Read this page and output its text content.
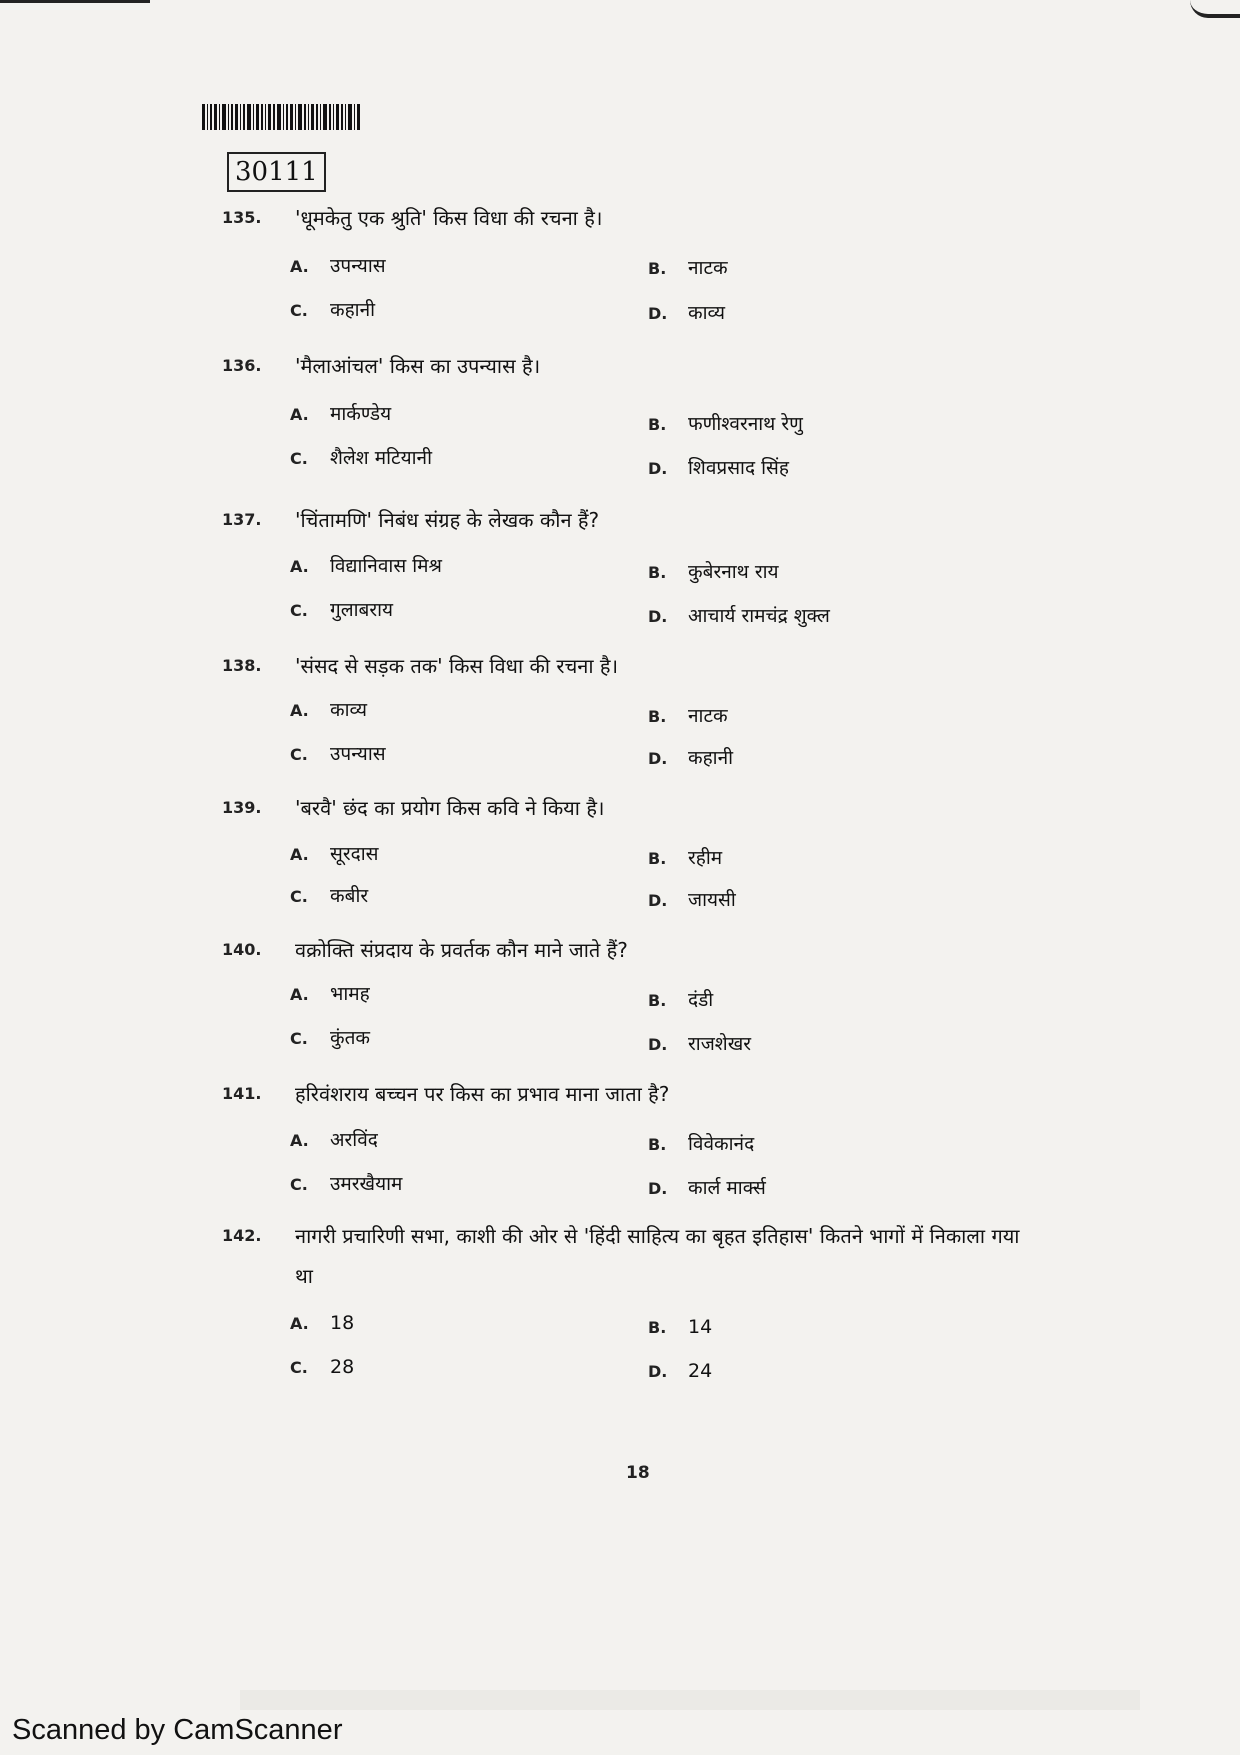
30111
135. 'धूमकेतु एक श्रुति' किस विधा की रचना है।
A. उपन्यास	B. नाटक
C. कहानी	D. काव्य
136. 'मैलाआंचल' किस का उपन्यास है।
A. मार्कण्डेय	B. फणीश्वरनाथ रेणु
C. शैलेश मटियानी	D. शिवप्रसाद सिंह
137. 'चिंतामणि' निबंध संग्रह के लेखक कौन हैं?
A. विद्यानिवास मिश्र	B. कुबेरनाथ राय
C. गुलाबराय	D. आचार्य रामचंद्र शुक्ल
138. 'संसद से सड़क तक' किस विधा की रचना है।
A. काव्य	B. नाटक
C. उपन्यास	D. कहानी
139. 'बरवै' छंद का प्रयोग किस कवि ने किया है।
A. सूरदास	B. रहीम
C. कबीर	D. जायसी
140. वक्रोक्ति संप्रदाय के प्रवर्तक कौन माने जाते हैं?
A. भामह	B. दंडी
C. कुंतक	D. राजशेखर
141. हरिवंशराय बच्चन पर किस का प्रभाव माना जाता है?
A. अरविंद	B. विवेकानंद
C. उमरखैयाम	D. कार्ल मार्क्स
142. नागरी प्रचारिणी सभा, काशी की ओर से 'हिंदी साहित्य का बृहत इतिहास' कितने भागों में निकाला गया था
A. 18	B. 14
C. 28	D. 24
18
Scanned by CamScanner
